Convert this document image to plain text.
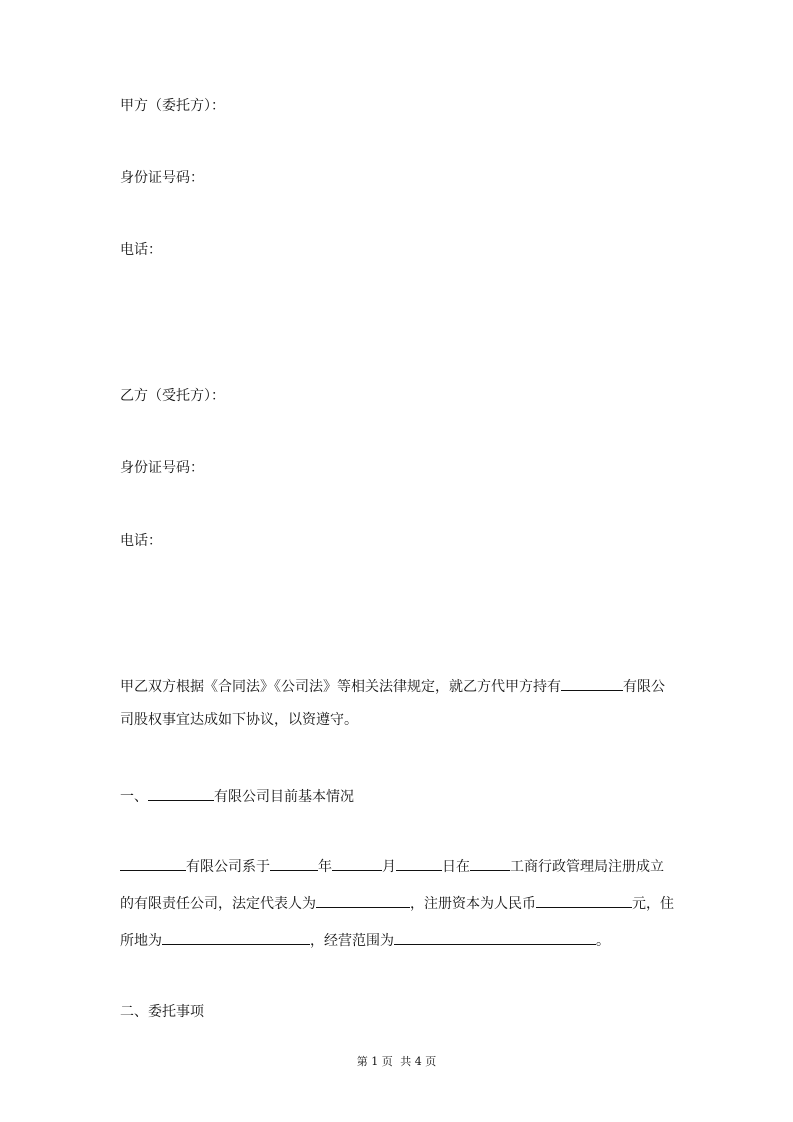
甲方（委托方）：
身份证号码：
电话：
乙方（受托方）：
身份证号码：
电话：
甲乙双方根据《合同法》《公司法》等相关法律规定，就乙方代甲方持有	有限公
司股权事宜达成如下协议，以资遵守。
一、	有限公司目前基本情况
有限公司系于	年	月	日在	工商行政管理局注册成立
的有限责任公司，法定代表人为	，注册资本为人民币	元，住
所地为	，经营范围为	。
二、委托事项
第 1 页 共 4 页
